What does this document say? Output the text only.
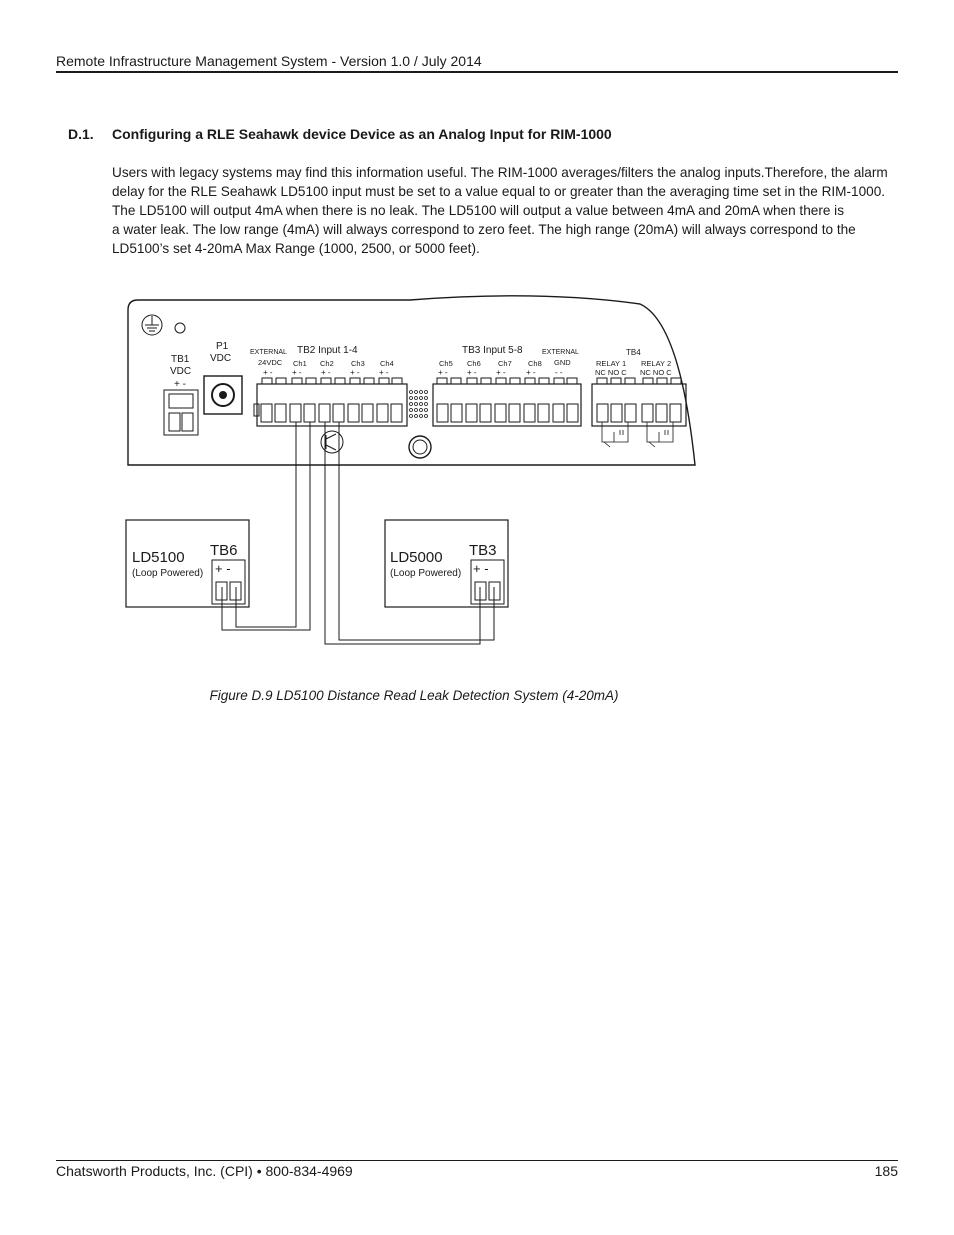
Remote Infrastructure Management System - Version 1.0 / July 2014
D.1. Configuring a RLE Seahawk device Device as an Analog Input for RIM-1000

Users with legacy systems may find this information useful. The RIM-1000 averages/filters the analog inputs.Therefore, the alarm
delay for the RLE Seahawk LD5100 input must be set to a value equal to or greater than the averaging time set in the RIM-1000.
The LD5100 will output 4mA when there is no leak. The LD5100 will output a value between 4mA and 20mA when there is
a water leak. The low range (4mA) will always correspond to zero feet. The high range (20mA) will always correspond to the
LD5100’s set 4-20mA Max Range (1000, 2500, or 5000 feet).

TB1
VDC
+ -
P1
VDC
EXTERNAL TB2 Input 1-4
24VDC Ch1 Ch2 Ch3 Ch4
+ - + - + - + - + -
TB3 Input 5-8	EXTERNAL
Ch5 Ch6 Ch7 Ch8 GND
+ - + - + -	+ - - -
TB4
RELAY 1 RELAY 2
NC NO C NC NO C
LD5100 TB6
(Loop Powered) + -
LD5000 TB3
(Loop Powered) + -
Figure D.9 LD5100 Distance Read Leak Detection System (4-20mA)
Chatsworth Products, Inc. (CPI) • 800-834-4969	185
